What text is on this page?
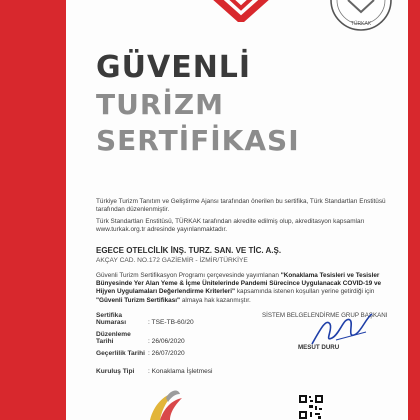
TÜRKAK
GÜVENLİ
TURİZM
SERTİFİKASI
Türkiye Turizm Tanıtım ve Geliştirme Ajansı tarafından önerilen bu sertifika, Türk Standartları Enstitüsü tarafından düzenlenmiştir.
Türk Standartları Enstitüsü, TÜRKAK tarafından akredite edilmiş olup, akreditasyon kapsamları www.turkak.org.tr adresinde yayınlanmaktadır.
EGECE OTELCİLİK İNŞ. TURZ. SAN. VE TİC. A.Ş.
AKÇAY CAD. NO.172 GAZİEMİR - İZMİR/TÜRKİYE
Güvenli Turizm Sertifikasyon Programı çerçevesinde yayımlanan "Konaklama Tesisleri ve Tesisler Bünyesinde Yer Alan Yeme & İçme Ünitelerinde Pandemi Sürecince Uygulanacak COVID-19 ve Hijyen Uygulamaları Değerlendirme Kriterleri" kapsamında istenen koşulları yerine getirdiği için "Güvenli Turizm Sertifikası" almaya hak kazanmıştır.
Sertifika Numarası	: TSE-TB-60/20
Düzenleme Tarihi	: 26/06/2020
Geçerlilik Tarihi : 26/07/2020
Kuruluş Tipi : Konaklama İşletmesi
SİSTEM BELGELENDİRME GRUP BAŞKANI
MESUT DURU
